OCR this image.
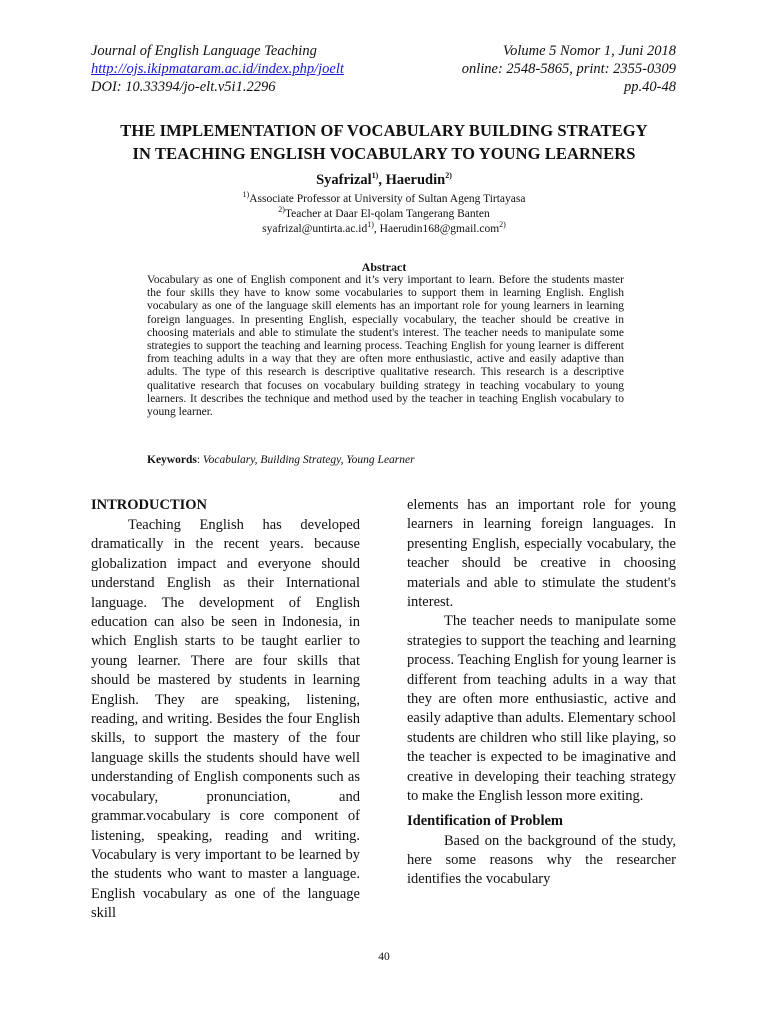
Journal of English Language Teaching	Volume 5 Nomor 1, Juni 2018
http://ojs.ikipmataram.ac.id/index.php/joelt	online: 2548-5865, print: 2355-0309
DOI: 10.33394/jo-elt.v5i1.2296	pp.40-48
THE IMPLEMENTATION OF VOCABULARY BUILDING STRATEGY
IN TEACHING ENGLISH VOCABULARY TO YOUNG LEARNERS
Syafrizal$^{1)}$, Haerudin$^{2)}$
$^{1)}$Associate Professor at University of Sultan Ageng Tirtayasa
$^{2)}$Teacher at Daar El-qolam Tangerang Banten
$syafrizal@untirta.ac.id^{1)}$, Haerudin168@gmail.com$^{2)}$
Abstract
Vocabulary as one of English component and it’s very important to learn. Before the students master the four skills they have to know some vocabularies to support them in learning English. English vocabulary as one of the language skill elements has an important role for young learners in learning foreign languages. In presenting English, especially vocabulary, the teacher should be creative in choosing materials and able to stimulate the student's interest. The teacher needs to manipulate some strategies to support the teaching and learning process. Teaching English for young learner is different from teaching adults in a way that they are often more enthusiastic, active and easily adaptive than adults. The type of this research is descriptive qualitative research. This research is a descriptive qualitative research that focuses on vocabulary building strategy in teaching vocabulary to young learners. It describes the technique and method used by the teacher in teaching English vocabulary to young learner.
Keywords: Vocabulary, Building Strategy, Young Learner
INTRODUCTION

Teaching English has developed dramatically in the recent years. because globalization impact and everyone should understand English as their International language. The development of English education can also be seen in Indonesia, in which English starts to be taught earlier to young learner. There are four skills that should be mastered by students in learning English. They are speaking, listening, reading, and writing. Besides the four English skills, to support the mastery of the four language skills the students should have well understanding of English components such as vocabulary, pronunciation, and grammar.vocabulary is core component of listening, speaking, reading and writing. Vocabulary is very important to be learned by the students who want to master a language. English vocabulary as one of the language skill

elements has an important role for young learners in learning foreign languages. In presenting English, especially vocabulary, the teacher should be creative in choosing materials and able to stimulate the student's interest.

The teacher needs to manipulate some strategies to support the teaching and learning process. Teaching English for young learner is different from teaching adults in a way that they are often more enthusiastic, active and easily adaptive than adults. Elementary school students are children who still like playing, so the teacher is expected to be imaginative and creative in developing their teaching strategy to make the English lesson more exiting.

Identification of Problem

Based on the background of the study, here some reasons why the researcher identifies the vocabulary

40
